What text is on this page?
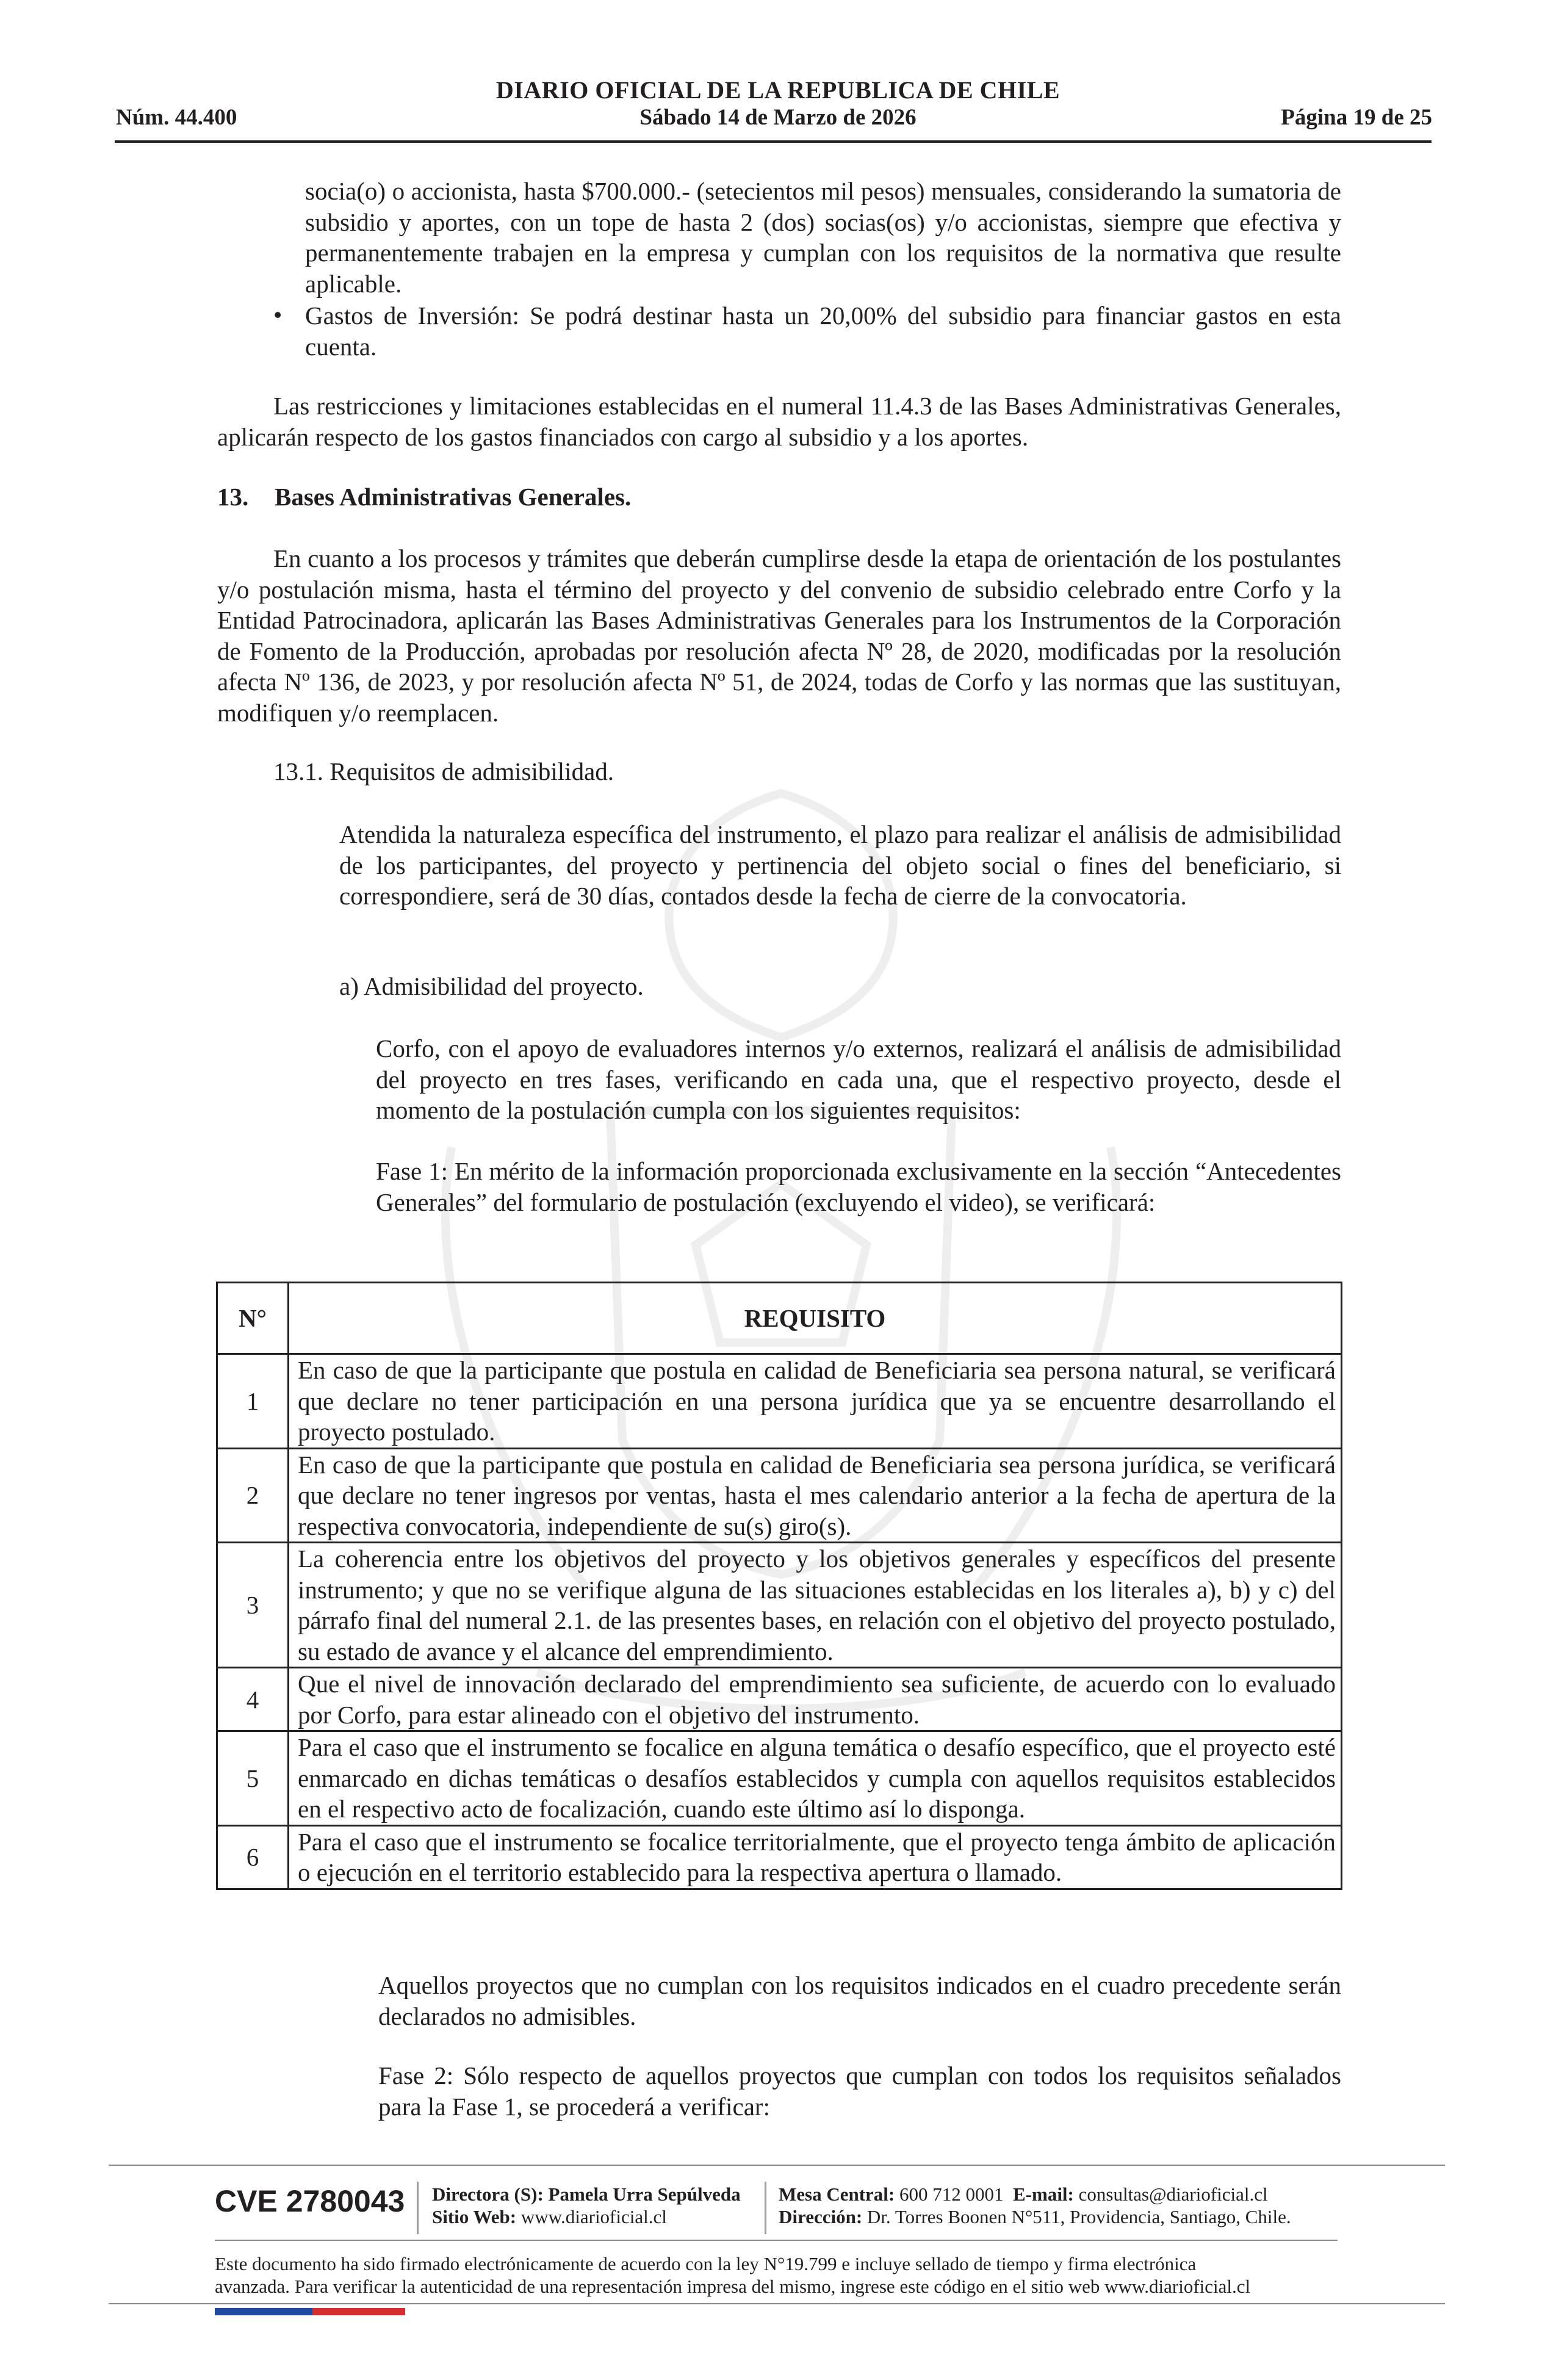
DIARIO OFICIAL DE LA REPUBLICA DE CHILE
Núm. 44.400	Sábado 14 de Marzo de 2026	Página 19 de 25
socia(o) o accionista, hasta $700.000.- (setecientos mil pesos) mensuales, considerando la sumatoria de subsidio y aportes, con un tope de hasta 2 (dos) socias(os) y/o accionistas, siempre que efectiva y permanentemente trabajen en la empresa y cumplan con los requisitos de la normativa que resulte aplicable.
• Gastos de Inversión: Se podrá destinar hasta un 20,00% del subsidio para financiar gastos en esta cuenta.
Las restricciones y limitaciones establecidas en el numeral 11.4.3 de las Bases Administrativas Generales, aplicarán respecto de los gastos financiados con cargo al subsidio y a los aportes.
13. Bases Administrativas Generales.
En cuanto a los procesos y trámites que deberán cumplirse desde la etapa de orientación de los postulantes y/o postulación misma, hasta el término del proyecto y del convenio de subsidio celebrado entre Corfo y la Entidad Patrocinadora, aplicarán las Bases Administrativas Generales para los Instrumentos de la Corporación de Fomento de la Producción, aprobadas por resolución afecta Nº 28, de 2020, modificadas por la resolución afecta Nº 136, de 2023, y por resolución afecta Nº 51, de 2024, todas de Corfo y las normas que las sustituyan, modifiquen y/o reemplacen.
13.1. Requisitos de admisibilidad.
Atendida la naturaleza específica del instrumento, el plazo para realizar el análisis de admisibilidad de los participantes, del proyecto y pertinencia del objeto social o fines del beneficiario, si correspondiere, será de 30 días, contados desde la fecha de cierre de la convocatoria.
a) Admisibilidad del proyecto.
Corfo, con el apoyo de evaluadores internos y/o externos, realizará el análisis de admisibilidad del proyecto en tres fases, verificando en cada una, que el respectivo proyecto, desde el momento de la postulación cumpla con los siguientes requisitos:
Fase 1: En mérito de la información proporcionada exclusivamente en la sección “Antecedentes Generales” del formulario de postulación (excluyendo el video), se verificará:
N°	REQUISITO
1	En caso de que la participante que postula en calidad de Beneficiaria sea persona natural, se verificará que declare no tener participación en una persona jurídica que ya se encuentre desarrollando el proyecto postulado.
2	En caso de que la participante que postula en calidad de Beneficiaria sea persona jurídica, se verificará que declare no tener ingresos por ventas, hasta el mes calendario anterior a la fecha de apertura de la respectiva convocatoria, independiente de su(s) giro(s).
3	La coherencia entre los objetivos del proyecto y los objetivos generales y específicos del presente instrumento; y que no se verifique alguna de las situaciones establecidas en los literales a), b) y c) del párrafo final del numeral 2.1. de las presentes bases, en relación con el objetivo del proyecto postulado, su estado de avance y el alcance del emprendimiento.
4	Que el nivel de innovación declarado del emprendimiento sea suficiente, de acuerdo con lo evaluado por Corfo, para estar alineado con el objetivo del instrumento.
5	Para el caso que el instrumento se focalice en alguna temática o desafío específico, que el proyecto esté enmarcado en dichas temáticas o desafíos establecidos y cumpla con aquellos requisitos establecidos en el respectivo acto de focalización, cuando este último así lo disponga.
6	Para el caso que el instrumento se focalice territorialmente, que el proyecto tenga ámbito de aplicación o ejecución en el territorio establecido para la respectiva apertura o llamado.
Aquellos proyectos que no cumplan con los requisitos indicados en el cuadro precedente serán declarados no admisibles.
Fase 2: Sólo respecto de aquellos proyectos que cumplan con todos los requisitos señalados para la Fase 1, se procederá a verificar:
CVE 2780043 Directora (S): Pamela Urra Sepúlveda
Sitio Web: www.diarioficial.cl
Mesa Central: 600 712 0001 E-mail: consultas@diarioficial.cl
Dirección: Dr. Torres Boonen N°511, Providencia, Santiago, Chile.
Este documento ha sido firmado electrónicamente de acuerdo con la ley N°19.799 e incluye sellado de tiempo y firma electrónica
avanzada. Para verificar la autenticidad de una representación impresa del mismo, ingrese este código en el sitio web www.diarioficial.cl
